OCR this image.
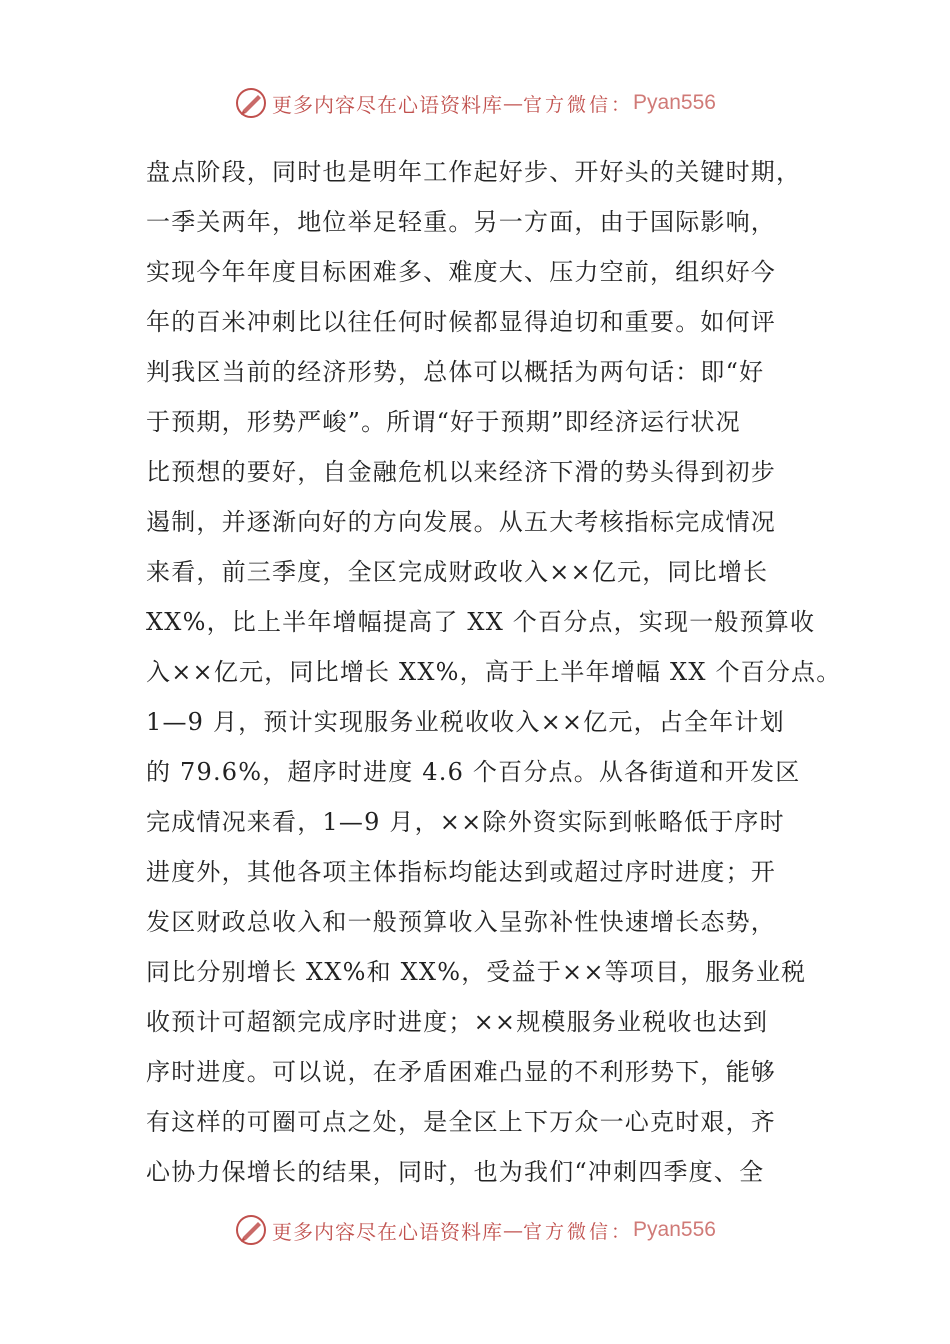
更多内容尽在心语资料库 — 官方微信： Pyan556
盘点阶段，同时也是明年工作起好步、开好头的关键时期，
一季关两年，地位举足轻重。另一方面，由于国际影响，
实现今年年度目标困难多、难度大、压力空前，组织好今
年的百米冲刺比以往任何时候都显得迫切和重要。如何评
判我区当前的经济形势，总体可以概括为两句话：即“好
于预期，形势严峻”。所谓“好于预期”即经济运行状况
比预想的要好，自金融危机以来经济下滑的势头得到初步
遏制，并逐渐向好的方向发展。从五大考核指标完成情况
来看，前三季度，全区完成财政收入××亿元，同比增长
XX%，比上半年增幅提高了 XX 个百分点，实现一般预算收
入××亿元，同比增长 XX%，高于上半年增幅 XX 个百分点。
1—9 月，预计实现服务业税收收入××亿元，占全年计划
的 79.6%，超序时进度 4.6 个百分点。从各街道和开发区
完成情况来看，1—9 月，××除外资实际到帐略低于序时
进度外，其他各项主体指标均能达到或超过序时进度；开
发区财政总收入和一般预算收入呈弥补性快速增长态势，
同比分别增长 XX%和 XX%，受益于××等项目，服务业税
收预计可超额完成序时进度；××规模服务业税收也达到
序时进度。可以说，在矛盾困难凸显的不利形势下，能够
有这样的可圈可点之处，是全区上下万众一心克时艰，齐
心协力保增长的结果，同时，也为我们“冲刺四季度、全
更多内容尽在心语资料库 — 官方微信： Pyan556
